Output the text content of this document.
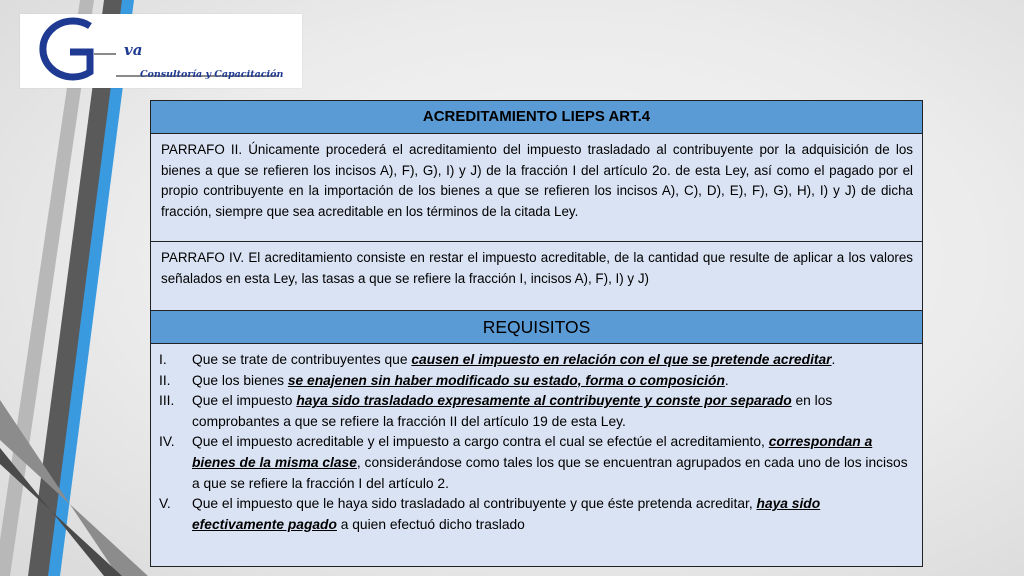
va
Consultoría y Capacitación
ACREDITAMIENTO LIEPS ART.4
PARRAFO II. Únicamente procederá el acreditamiento del impuesto trasladado al contribuyente por la adquisición de los bienes a que se refieren los incisos A), F), G), I) y J) de la fracción I del artículo 2o. de esta Ley, así como el pagado por el propio contribuyente en la importación de los bienes a que se refieren los incisos A), C), D), E), F), G), H), I) y J) de dicha fracción, siempre que sea acreditable en los términos de la citada Ley.
PARRAFO IV. El acreditamiento consiste en restar el impuesto acreditable, de la cantidad que resulte de aplicar a los valores señalados en esta Ley, las tasas a que se refiere la fracción I, incisos A), F), I) y J)
REQUISITOS
I.	Que se trate de contribuyentes que causen el impuesto en relación con el que se pretende acreditar.
II.	Que los bienes se enajenen sin haber modificado su estado, forma o composición.
III.	Que el impuesto haya sido trasladado expresamente al contribuyente y conste por separado en los comprobantes a que se refiere la fracción II del artículo 19 de esta Ley.
IV.	Que el impuesto acreditable y el impuesto a cargo contra el cual se efectúe el acreditamiento, correspondan a bienes de la misma clase, considerándose como tales los que se encuentran agrupados en cada uno de los incisos a que se refiere la fracción I del artículo 2.
V.	Que el impuesto que le haya sido trasladado al contribuyente y que éste pretenda acreditar, haya sido efectivamente pagado a quien efectuó dicho traslado
